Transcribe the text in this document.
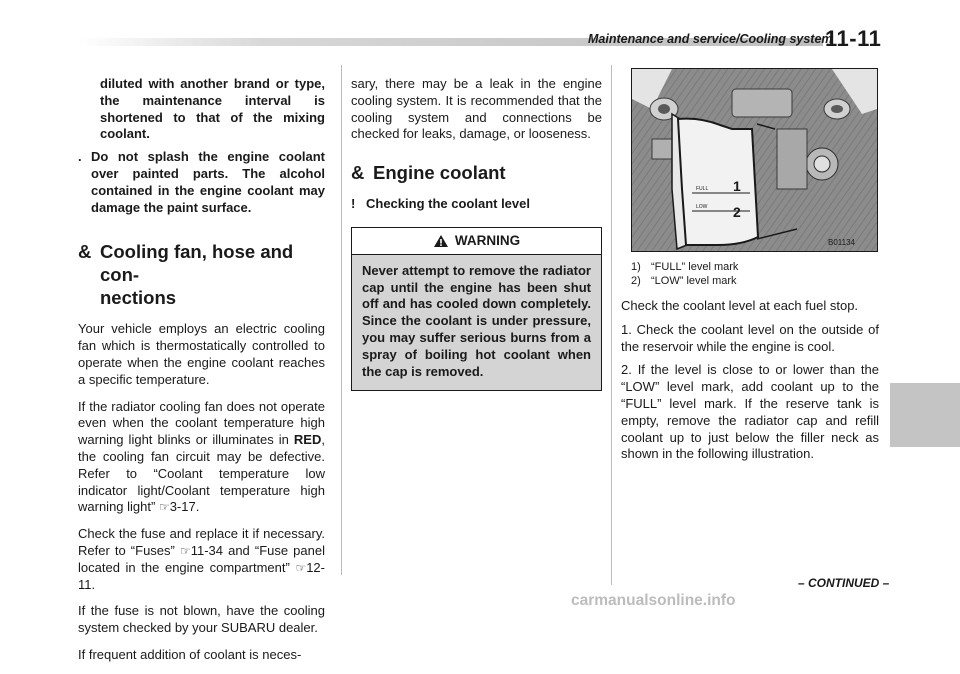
Maintenance and service/Cooling system
11-11
diluted with another brand or type, the maintenance interval is shortened to that of the mixing coolant.
. Do not splash the engine coolant over painted parts. The alcohol contained in the engine coolant may damage the paint surface.
& Cooling fan, hose and con-
nections

Your vehicle employs an electric cooling fan which is thermostatically controlled to operate when the engine coolant reaches a specific temperature.

If the radiator cooling fan does not operate even when the coolant temperature high warning light blinks or illuminates in RED, the cooling fan circuit may be defective. Refer to “Coolant temperature low indicator light/Coolant temperature high warning light” ☞3-17.

Check the fuse and replace it if necessary. Refer to “Fuses” ☞11-34 and “Fuse panel located in the engine compartment” ☞12-11.

If the fuse is not blown, have the cooling system checked by your SUBARU dealer.

If frequent addition of coolant is neces-

sary, there may be a leak in the engine cooling system. It is recommended that the cooling system and connections be checked for leaks, damage, or looseness.

& Engine coolant
! Checking the coolant level
WARNING
Never attempt to remove the radiator cap until the engine has been shut off and has cooled down completely. Since the coolant is under pressure, you may suffer serious burns from a spray of boiling hot coolant when the cap is removed.
FULL
LOW
1
2
B01134
1) “FULL” level mark
2) “LOW” level mark

Check the coolant level at each fuel stop.

1. Check the coolant level on the outside of the reservoir while the engine is cool.

2. If the level is close to or lower than the “LOW” level mark, add coolant up to the “FULL” level mark. If the reserve tank is empty, remove the radiator cap and refill coolant up to just below the filler neck as shown in the following illustration.

– CONTINUED –
carmanualsonline.info
